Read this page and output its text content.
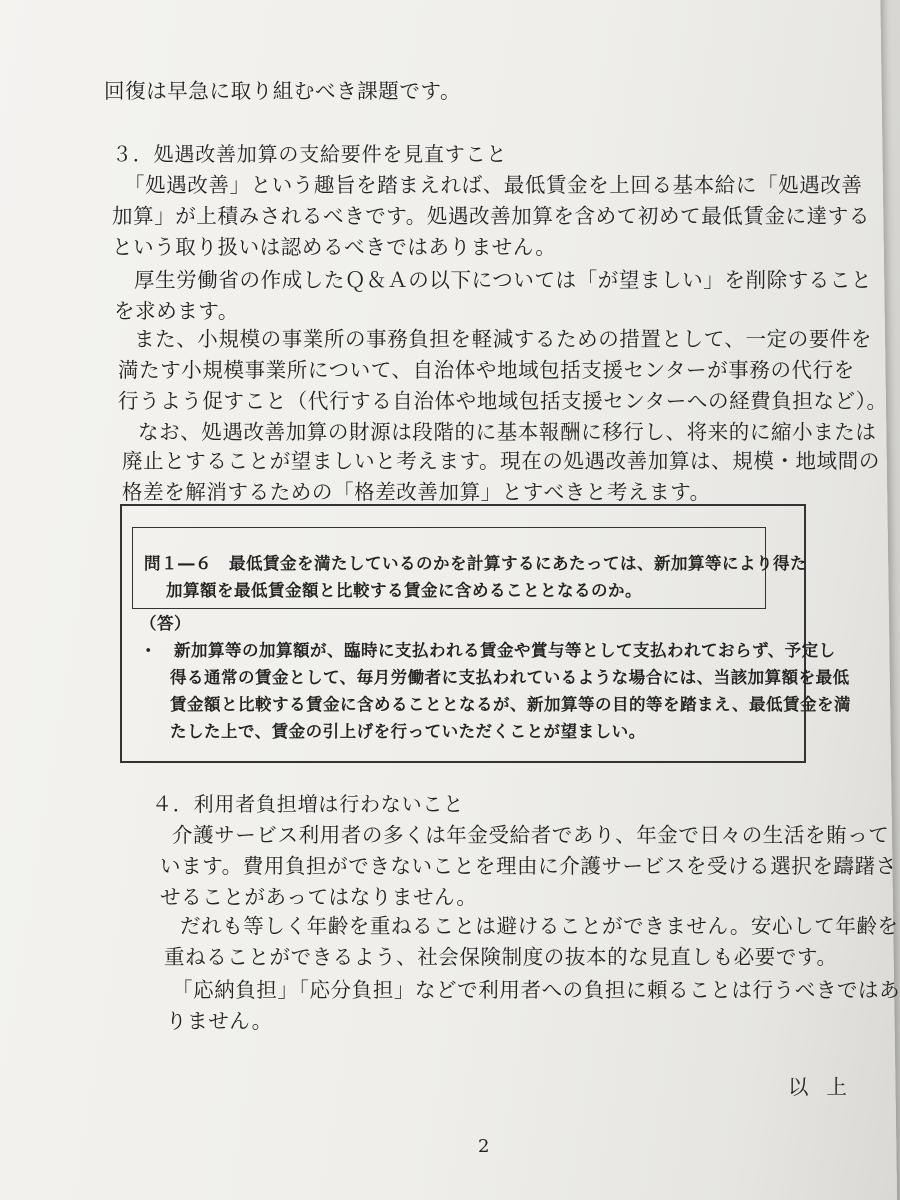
回復は早急に取り組むべき課題です。
３．処遇改善加算の支給要件を見直すこと
「処遇改善」という趣旨を踏まえれば、最低賃金を上回る基本給に「処遇改善
加算」が上積みされるべきです。処遇改善加算を含めて初めて最低賃金に達する
という取り扱いは認めるべきではありません。
厚生労働省の作成したＱ＆Ａの以下については「が望ましい」を削除すること
を求めます。
また、小規模の事業所の事務負担を軽減するための措置として、一定の要件を
満たす小規模事業所について、自治体や地域包括支援センターが事務の代行を
行うよう促すこと（代行する自治体や地域包括支援センターへの経費負担など）。
なお、処遇改善加算の財源は段階的に基本報酬に移行し、将来的に縮小または
廃止とすることが望ましいと考えます。現在の処遇改善加算は、規模・地域間の
格差を解消するための「格差改善加算」とすべきと考えます。
問１―６　最低賃金を満たしているのかを計算するにあたっては、新加算等により得た
加算額を最低賃金額と比較する賃金に含めることとなるのか。
（答）
・　新加算等の加算額が、臨時に支払われる賃金や賞与等として支払われておらず、予定し
得る通常の賃金として、毎月労働者に支払われているような場合には、当該加算額を最低
賃金額と比較する賃金に含めることとなるが、新加算等の目的等を踏まえ、最低賃金を満
たした上で、賃金の引上げを行っていただくことが望ましい。
４．利用者負担増は行わないこと
介護サービス利用者の多くは年金受給者であり、年金で日々の生活を賄って
います。費用負担ができないことを理由に介護サービスを受ける選択を躊躇さ
せることがあってはなりません。
だれも等しく年齢を重ねることは避けることができません。安心して年齢を
重ねることができるよう、社会保険制度の抜本的な見直しも必要です。
「応納負担」「応分負担」などで利用者への負担に頼ることは行うべきではあ
りません。
以上
2
